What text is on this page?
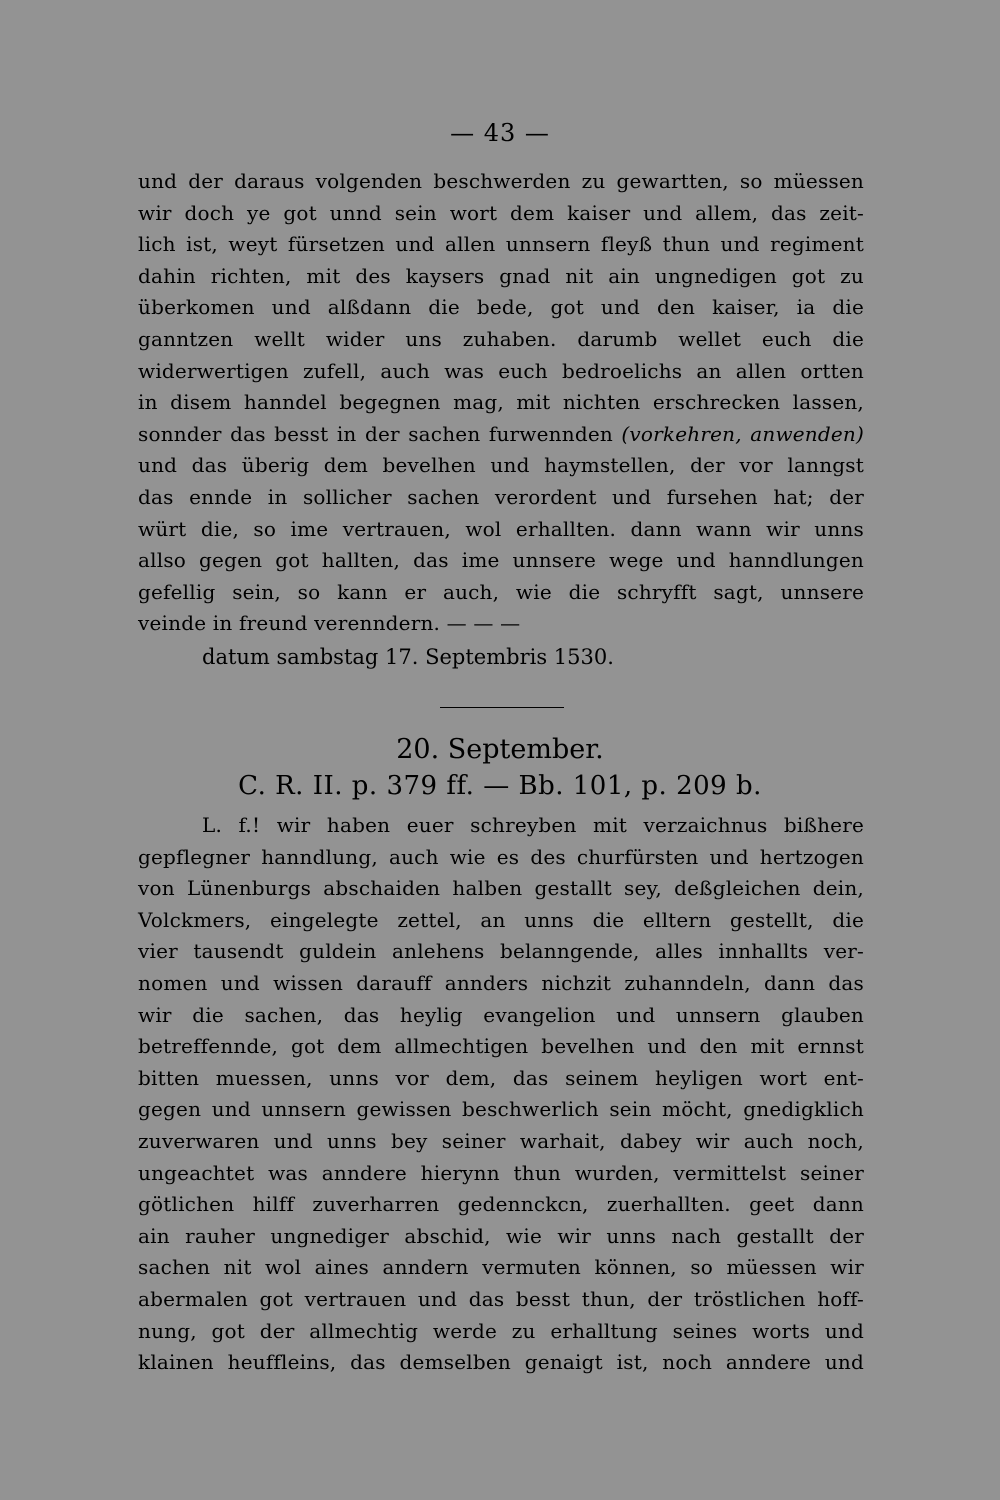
— 43 —
und der daraus volgenden beschwerden zu gewartten, so müessen
wir doch ye got unnd sein wort dem kaiser und allem, das zeit-
lich ist, weyt fürsetzen und allen unnsern fleyß thun und regiment
dahin richten, mit des kaysers gnad nit ain ungnedigen got zu
überkomen und alßdann die bede, got und den kaiser, ia die
ganntzen wellt wider uns zuhaben. darumb wellet euch die
widerwertigen zufell, auch was euch bedroelichs an allen ortten
in disem hanndel begegnen mag, mit nichten erschrecken lassen,
sonnder das besst in der sachen furwennden (vorkehren, anwenden)
und das überig dem bevelhen und haymstellen, der vor lanngst
das ennde in sollicher sachen verordent und fursehen hat; der
würt die, so ime vertrauen, wol erhallten. dann wann wir unns
allso gegen got hallten, das ime unnsere wege und hanndlungen
gefellig sein, so kann er auch, wie die schryfft sagt, unnsere
veinde in freund verenndern. — — —
datum sambstag 17. Septembris 1530.
20. September.
C. R. II. p. 379 ff. — Bb. 101, p. 209 b.
L. f.! wir haben euer schreyben mit verzaichnus bißhere
gepflegner hanndlung, auch wie es des churfürsten und hertzogen
von Lünenburgs abschaiden halben gestallt sey, deßgleichen dein,
Volckmers, eingelegte zettel, an unns die elltern gestellt, die
vier tausendt guldein anlehens belanngende, alles innhallts ver-
nomen und wissen darauff annders nichzit zuhanndeln, dann das
wir die sachen, das heylig evangelion und unnsern glauben
betreffennde, got dem allmechtigen bevelhen und den mit ernnst
bitten muessen, unns vor dem, das seinem heyligen wort ent-
gegen und unnsern gewissen beschwerlich sein möcht, gnedigklich
zuverwaren und unns bey seiner warhait, dabey wir auch noch,
ungeachtet was anndere hierynn thun wurden, vermittelst seiner
götlichen hilff zuverharren gedennckcn, zuerhallten. geet dann
ain rauher ungnediger abschid, wie wir unns nach gestallt der
sachen nit wol aines anndern vermuten können, so müessen wir
abermalen got vertrauen und das besst thun, der tröstlichen hoff-
nung, got der allmechtig werde zu erhalltung seines worts und
klainen heuffleins, das demselben genaigt ist, noch anndere und
